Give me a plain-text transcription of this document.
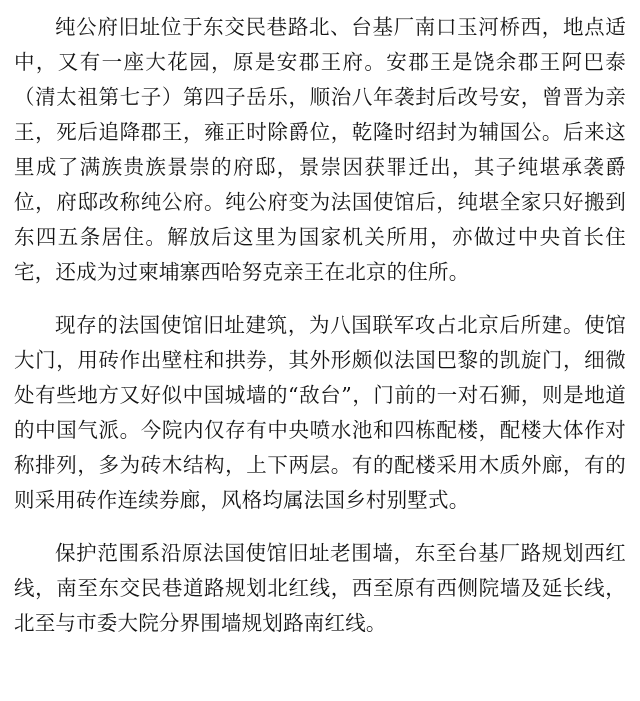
纯公府旧址位于东交民巷路北、台基厂南口玉河桥西，地点适中，又有一座大花园，原是安郡王府。安郡王是饶余郡王阿巴泰（清太祖第七子）第四子岳乐，顺治八年袭封后改号安，曾晋为亲王，死后追降郡王，雍正时除爵位，乾隆时绍封为辅国公。后来这里成了满族贵族景崇的府邸，景崇因获罪迁出，其子纯堪承袭爵位，府邸改称纯公府。纯公府变为法国使馆后，纯堪全家只好搬到东四五条居住。解放后这里为国家机关所用，亦做过中央首长住宅，还成为过柬埔寨西哈努克亲王在北京的住所。

现存的法国使馆旧址建筑，为八国联军攻占北京后所建。使馆大门，用砖作出壁柱和拱券，其外形颇似法国巴黎的凯旋门，细微处有些地方又好似中国城墙的“敌台”，门前的一对石狮，则是地道的中国气派。今院内仅存有中央喷水池和四栋配楼，配楼大体作对称排列，多为砖木结构，上下两层。有的配楼采用木质外廊，有的则采用砖作连续券廊，风格均属法国乡村别墅式。

保护范围系沿原法国使馆旧址老围墙，东至台基厂路规划西红线，南至东交民巷道路规划北红线，西至原有西侧院墙及延长线，北至与市委大院分界围墙规划路南红线。
